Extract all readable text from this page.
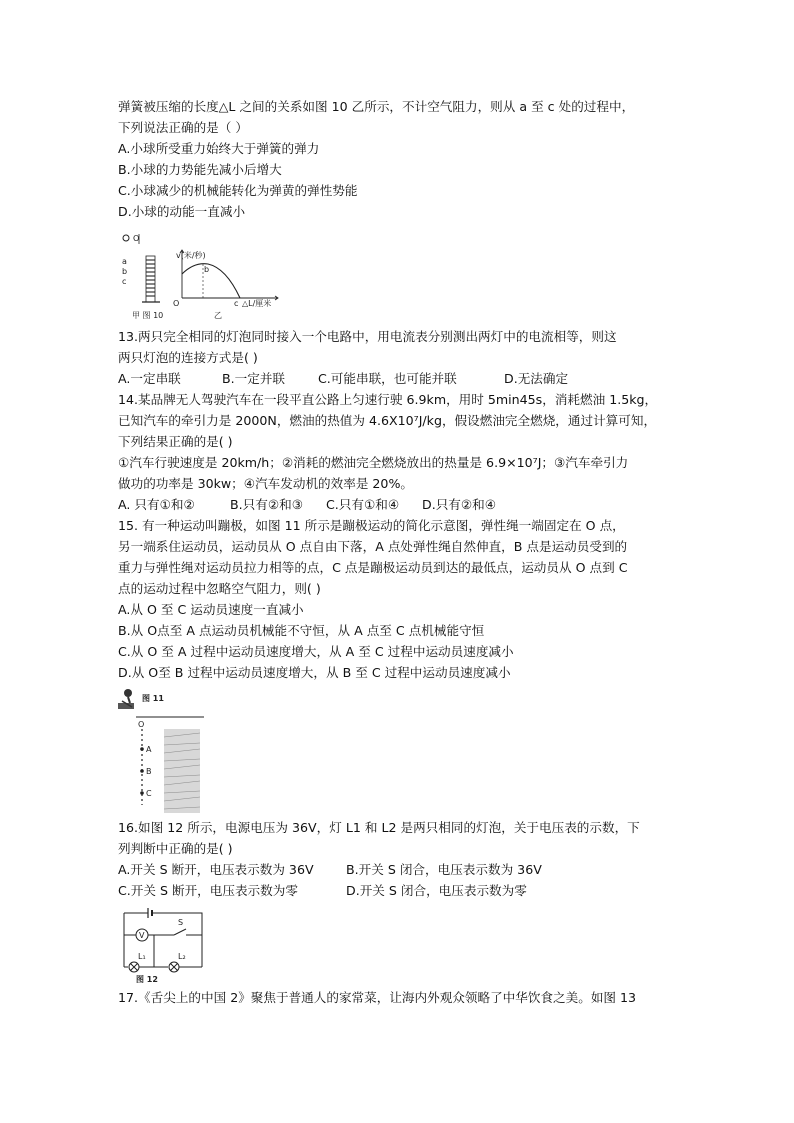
弹簧被压缩的长度△L 之间的关系如图 10 乙所示，不计空气阻力，则从 a 至 c 处的过程中，
下列说法正确的是（ ）
A.小球所受重力始终大于弹簧的弹力
B.小球的力势能先减小后增大
C.小球减少的机械能转化为弹黄的弹性势能
D.小球的动能一直减小
O
a
b
c
v(米/秒)
△L/厘米
O
b
c
甲 图 10	乙
13.两只完全相同的灯泡同时接入一个电路中，用电流表分别测出两灯中的电流相等，则这
两只灯泡的连接方式是( )
A.一定串联	B.一定并联	C.可能串联，也可能并联	D.无法确定
14.某品牌无人驾驶汽车在一段平直公路上匀速行驶 6.9km，用时 5min45s，消耗燃油 1.5kg，
已知汽车的牵引力是 2000N，燃油的热值为 4.6X10⁷J/kg，假设燃油完全燃烧，通过计算可知，
下列结果正确的是( )
①汽车行驶速度是 20km/h；②消耗的燃油完全燃烧放出的热量是 6.9×10⁷J；③汽车牵引力
做功的功率是 30kw；④汽车发动机的效率是 20%。
A. 只有①和②	B.只有②和③	C.只有①和④	D.只有②和④
15. 有一种运动叫蹦极，如图 11 所示是蹦极运动的简化示意图，弹性绳一端固定在 O 点，
另一端系住运动员，运动员从 O 点自由下落，A 点处弹性绳自然伸直，B 点是运动员受到的
重力与弹性绳对运动员拉力相等的点，C 点是蹦极运动员到达的最低点，运动员从 O 点到 C
点的运动过程中忽略空气阻力，则( )
A.从 O 至 C 运动员速度一直减小
B.从 O点至 A 点运动员机械能不守恒，从 A 点至 C 点机械能守恒
C.从 O 至 A 过程中运动员速度增大，从 A 至 C 过程中运动员速度减小
D.从 O至 B 过程中运动员速度增大，从 B 至 C 过程中运动员速度减小
图 11
O
A
B
C
16.如图 12 所示，电源电压为 36V，灯 L1 和 L2 是两只相同的灯泡，关于电压表的示数，下
列判断中正确的是( )
A.开关 S 断开，电压表示数为 36V	B.开关 S 闭合，电压表示数为 36V
C.开关 S 断开，电压表示数为零	D.开关 S 闭合，电压表示数为零
V
S
L₁	L₂
图 12
17.《舌尖上的中国 2》聚焦于普通人的家常菜，让海内外观众领略了中华饮食之美。如图 13
